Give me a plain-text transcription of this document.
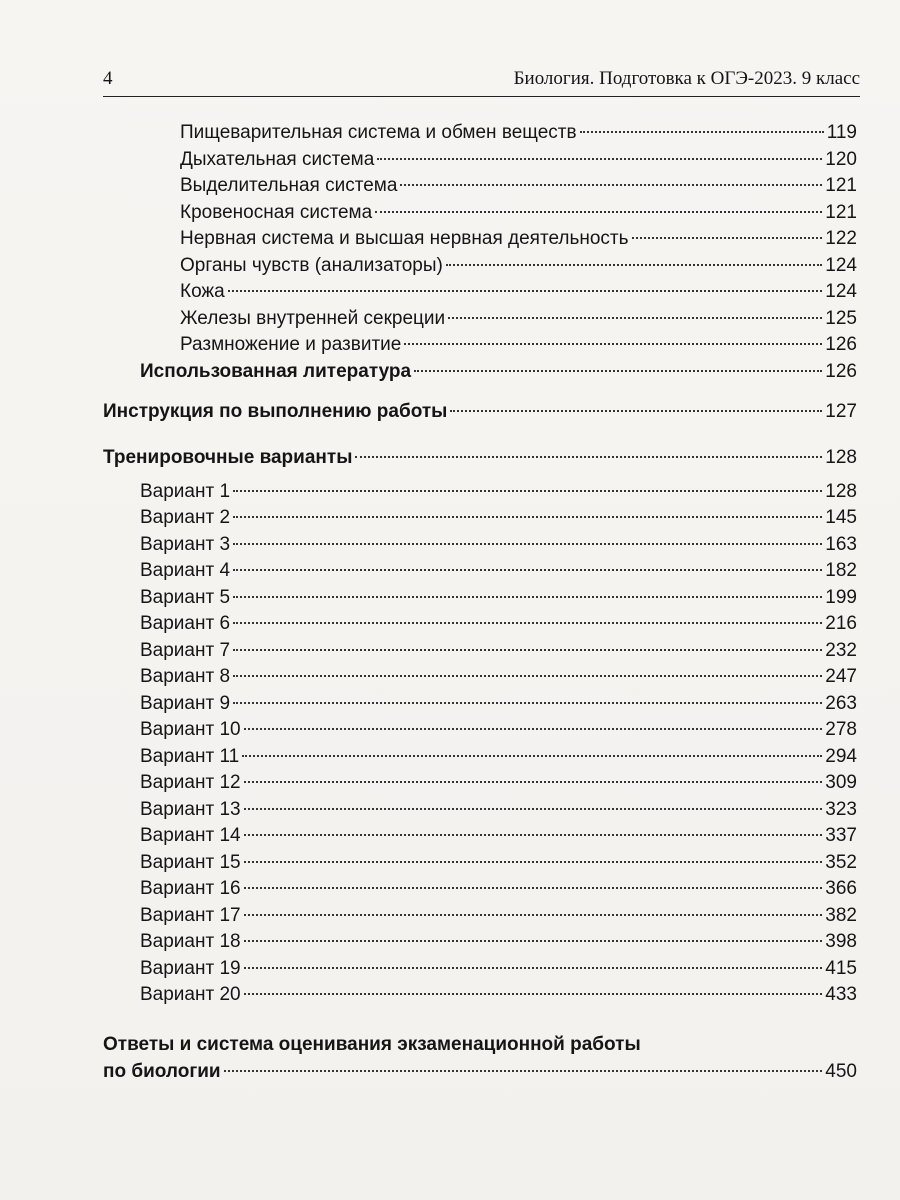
4	Биология. Подготовка к ОГЭ-2023. 9 класс
Пищеварительная система и обмен веществ	119
Дыхательная система	120
Выделительная система	121
Кровеносная система	121
Нервная система и высшая нервная деятельность	122
Органы чувств (анализаторы)	124
Кожа	124
Железы внутренней секреции	125
Размножение и развитие	126
Использованная литература	126
Инструкция по выполнению работы	127
Тренировочные варианты	128
Вариант 1	128
Вариант 2	145
Вариант 3	163
Вариант 4	182
Вариант 5	199
Вариант 6	216
Вариант 7	232
Вариант 8	247
Вариант 9	263
Вариант 10	278
Вариант 11	294
Вариант 12	309
Вариант 13	323
Вариант 14	337
Вариант 15	352
Вариант 16	366
Вариант 17	382
Вариант 18	398
Вариант 19	415
Вариант 20	433
Ответы и система оценивания экзаменационной работы
по биологии	450
